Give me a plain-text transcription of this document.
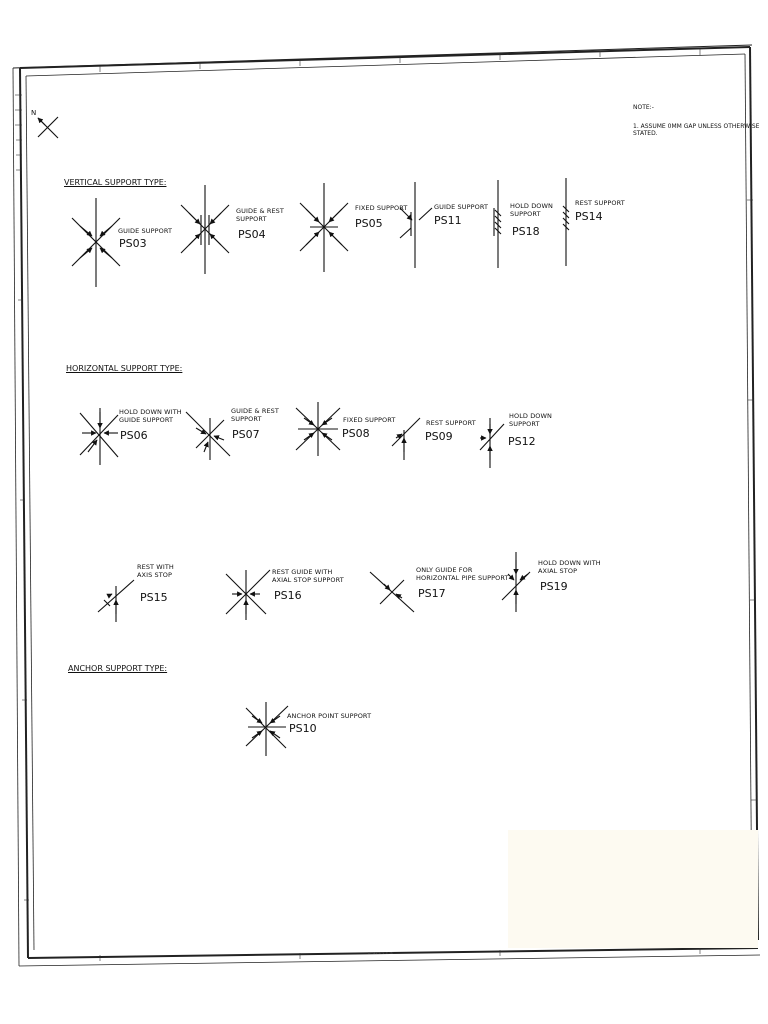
M. N1 S S.D.NU
N
NOTE:-
1. ASSUME 0MM GAP UNLESS OTHERWISE
STATED.
VERTICAL SUPPORT TYPE:
HORIZONTAL SUPPORT TYPE:
ANCHOR SUPPORT TYPE:
GUIDE SUPPORT
PS03
GUIDE & REST
SUPPORT
PS04
FIXED SUPPORT
PS05
GUIDE SUPPORT
PS11
HOLD DOWN
SUPPORT
PS18
REST SUPPORT
PS14
HOLD DOWN WITH
GUIDE SUPPORT
PS06
GUIDE & REST
SUPPORT
PS07
FIXED SUPPORT
PS08
REST SUPPORT
PS09
HOLD DOWN
SUPPORT
PS12
REST WITH
AXIS STOP
PS15
REST GUIDE WITH
AXIAL STOP SUPPORT
PS16
ONLY GUIDE FOR
HORIZONTAL PIPE SUPPORT
PS17
HOLD DOWN WITH
AXIAL STOP
PS19
ANCHOR POINT SUPPORT
PS10
